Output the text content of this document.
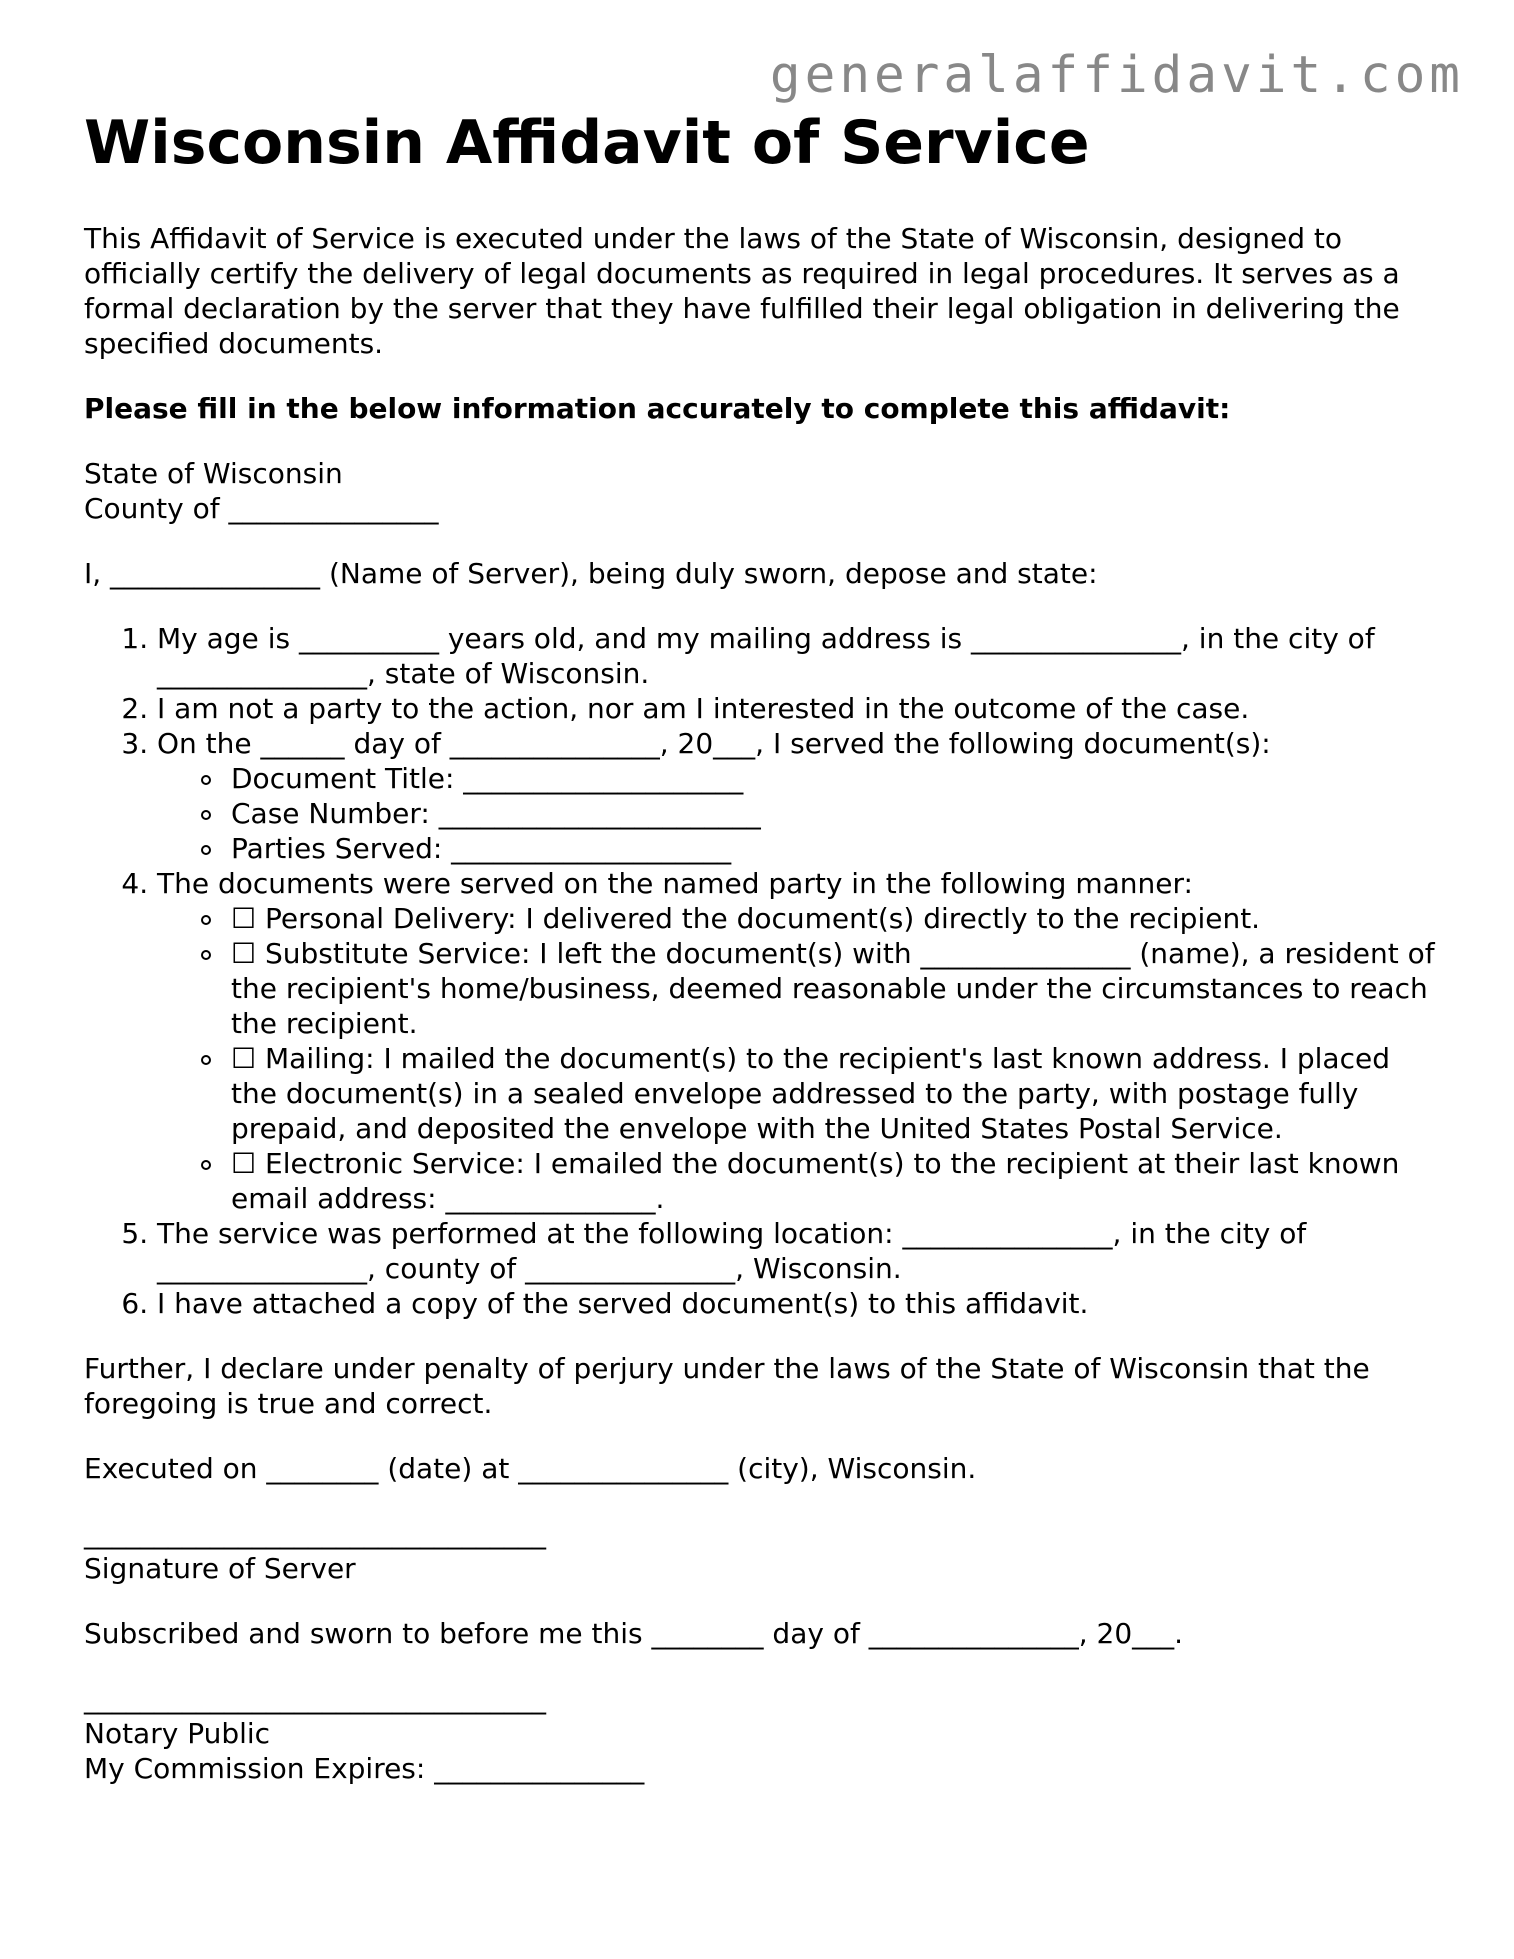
generalaffidavit.com
Wisconsin Affidavit of Service

This Affidavit of Service is executed under the laws of the State of Wisconsin, designed to officially certify the delivery of legal documents as required in legal procedures. It serves as a formal declaration by the server that they have fulfilled their legal obligation in delivering the specified documents.

Please fill in the below information accurately to complete this affidavit:

State of Wisconsin
County of _______________

I, _______________ (Name of Server), being duly sworn, depose and state:

1. My age is __________ years old, and my mailing address is _______________, in the city of _______________, state of Wisconsin.
2. I am not a party to the action, nor am I interested in the outcome of the case.
3. On the ______ day of _______________, 20___, I served the following document(s):
Document Title: ____________________
Case Number: _______________________
Parties Served: ____________________
4. The documents were served on the named party in the following manner:
☐ Personal Delivery: I delivered the document(s) directly to the recipient.
☐ Substitute Service: I left the document(s) with _______________ (name), a resident of the recipient's home/business, deemed reasonable under the circumstances to reach the recipient.
☐ Mailing: I mailed the document(s) to the recipient's last known address. I placed the document(s) in a sealed envelope addressed to the party, with postage fully prepaid, and deposited the envelope with the United States Postal Service.
☐ Electronic Service: I emailed the document(s) to the recipient at their last known email address: _______________.
5. The service was performed at the following location: _______________, in the city of _______________, county of _______________, Wisconsin.
6. I have attached a copy of the served document(s) to this affidavit.

Further, I declare under penalty of perjury under the laws of the State of Wisconsin that the foregoing is true and correct.

Executed on ________ (date) at _______________ (city), Wisconsin.

_________________________________
Signature of Server

Subscribed and sworn to before me this ________ day of _______________, 20___.

_________________________________
Notary Public
My Commission Expires: _______________
